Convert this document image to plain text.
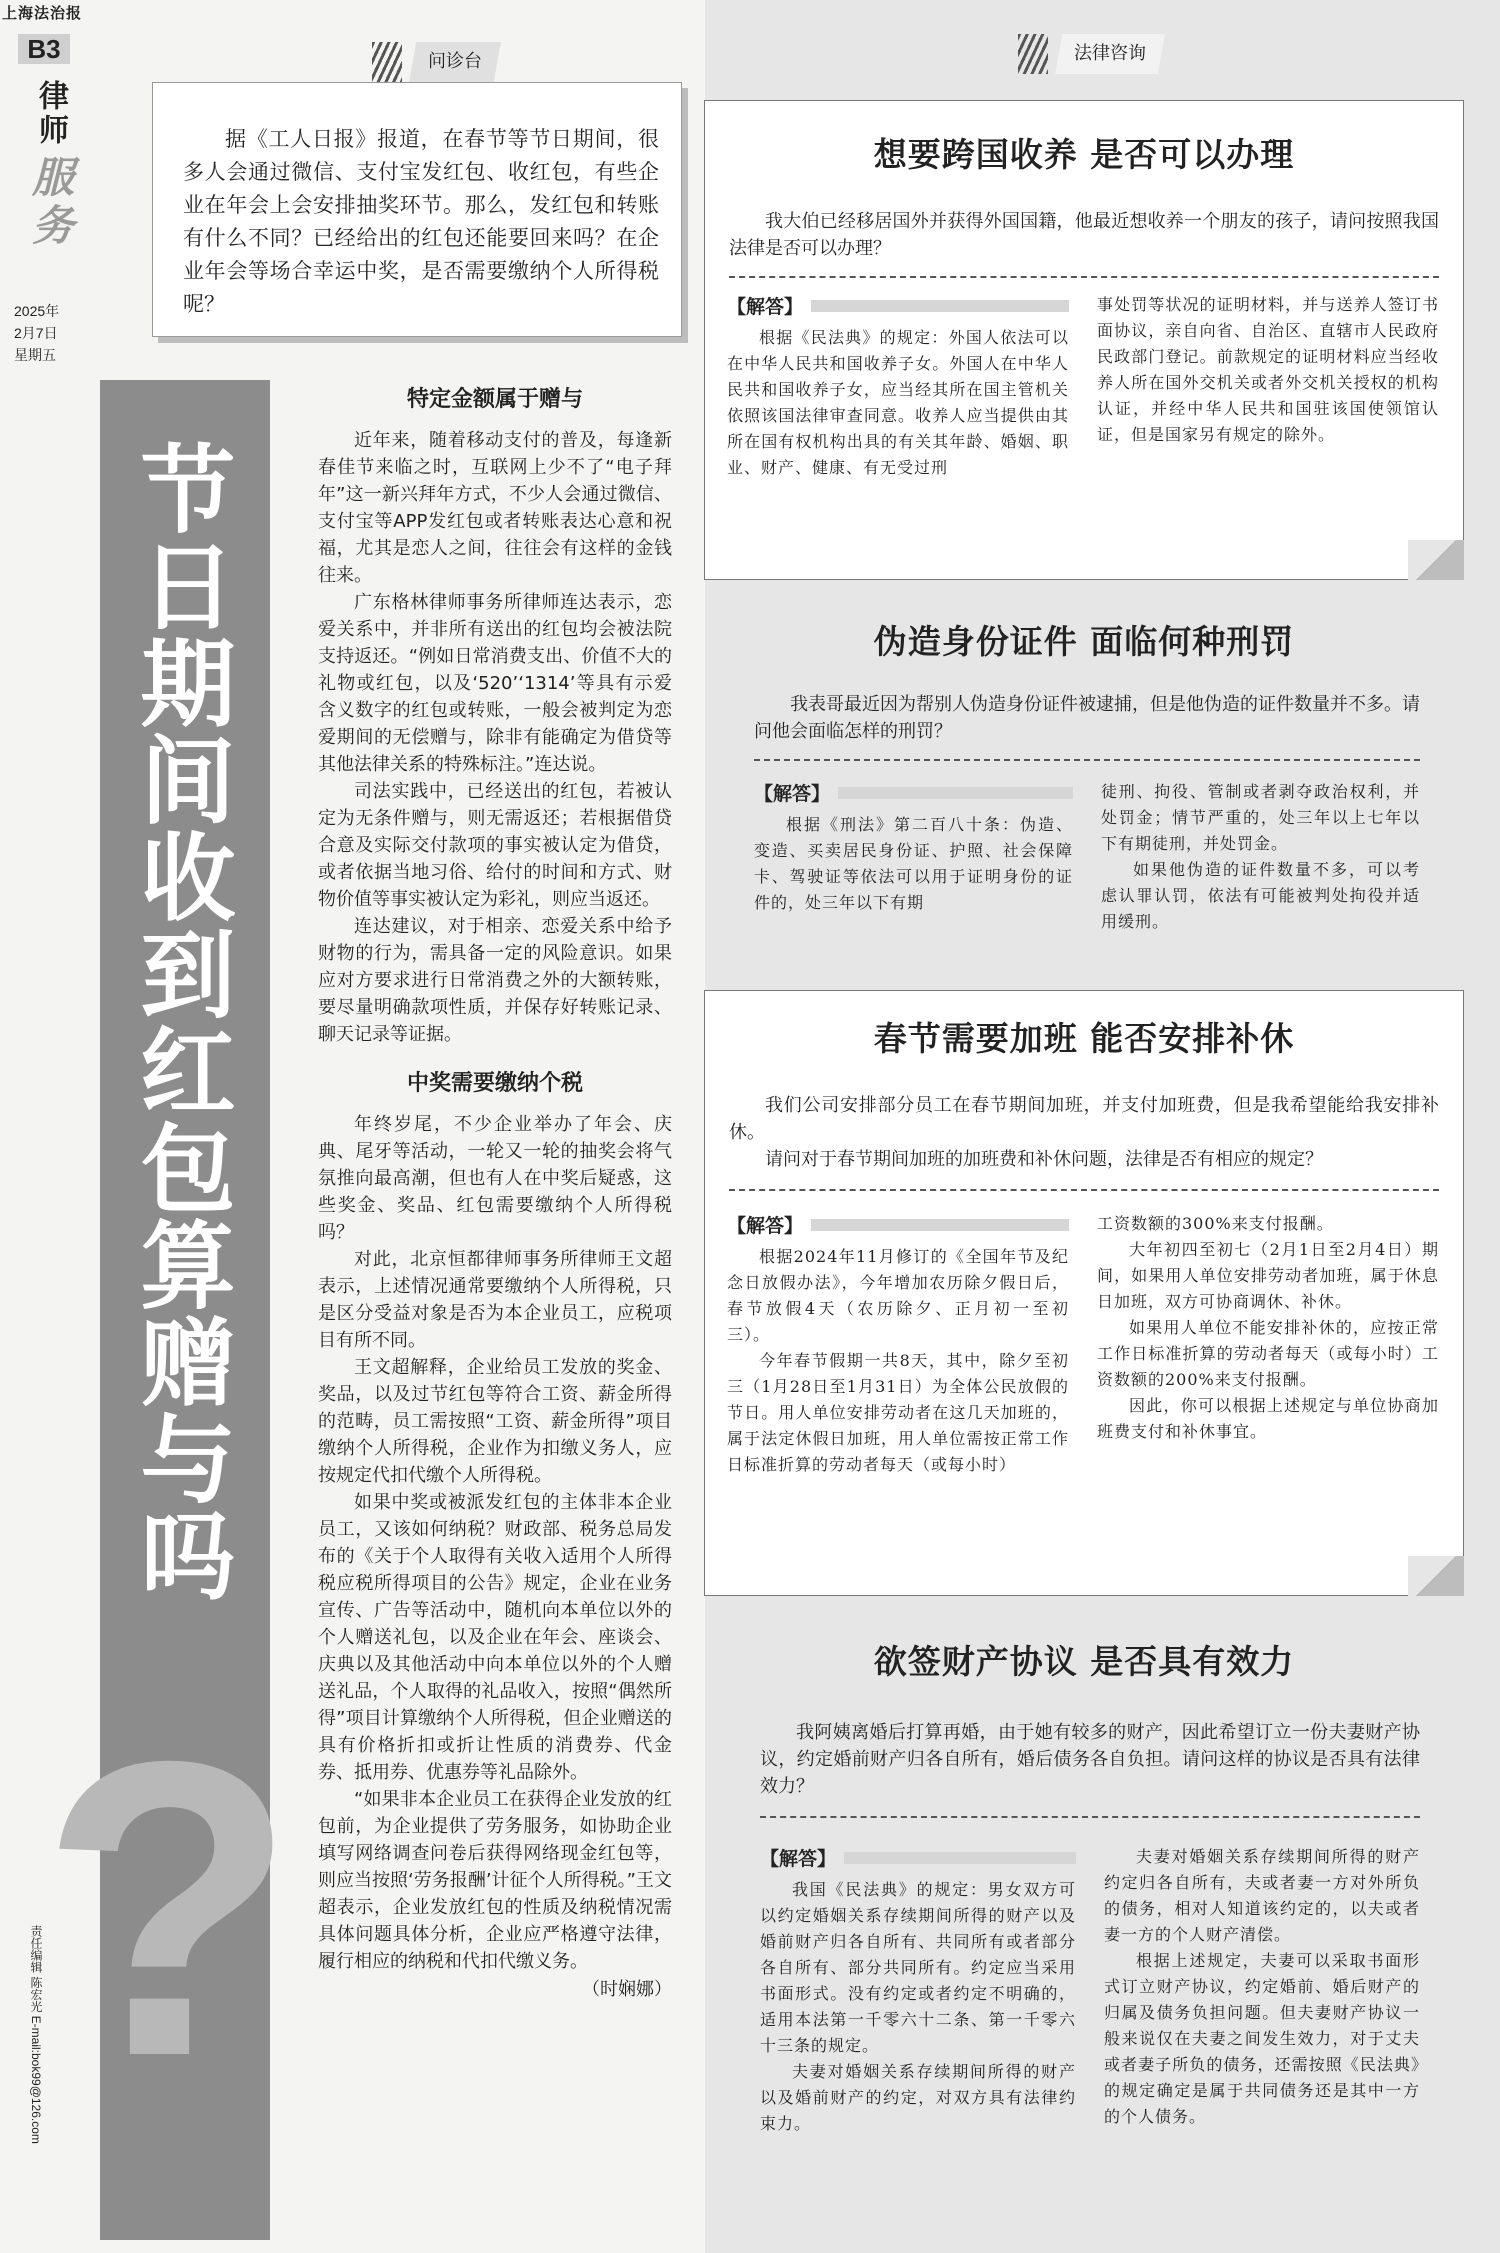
上海法治报
B3
律师
服务
2025年
2月7日
星期五
责任编辑 陈宏光 E-mail:bok99@126.com
?
节日期间收到红包算赠与吗
问诊台
据《工人日报》报道，在春节等节日期间，很多人会通过微信、支付宝发红包、收红包，有些企业在年会上会安排抽奖环节。那么，发红包和转账有什么不同？已经给出的红包还能要回来吗？在企业年会等场合幸运中奖，是否需要缴纳个人所得税呢？
特定金额属于赠与

近年来，随着移动支付的普及，每逢新春佳节来临之时，互联网上少不了“电子拜年”这一新兴拜年方式，不少人会通过微信、支付宝等APP发红包或者转账表达心意和祝福，尤其是恋人之间，往往会有这样的金钱往来。

广东格林律师事务所律师连达表示，恋爱关系中，并非所有送出的红包均会被法院支持返还。“例如日常消费支出、价值不大的礼物或红包，以及‘520’‘1314’等具有示爱含义数字的红包或转账，一般会被判定为恋爱期间的无偿赠与，除非有能确定为借贷等其他法律关系的特殊标注。”连达说。

司法实践中，已经送出的红包，若被认定为无条件赠与，则无需返还；若根据借贷合意及实际交付款项的事实被认定为借贷，或者依据当地习俗、给付的时间和方式、财物价值等事实被认定为彩礼，则应当返还。

连达建议，对于相亲、恋爱关系中给予财物的行为，需具备一定的风险意识。如果应对方要求进行日常消费之外的大额转账，要尽量明确款项性质，并保存好转账记录、聊天记录等证据。

中奖需要缴纳个税

年终岁尾，不少企业举办了年会、庆典、尾牙等活动，一轮又一轮的抽奖会将气氛推向最高潮，但也有人在中奖后疑惑，这些奖金、奖品、红包需要缴纳个人所得税吗？

对此，北京恒都律师事务所律师王文超表示，上述情况通常要缴纳个人所得税，只是区分受益对象是否为本企业员工，应税项目有所不同。

王文超解释，企业给员工发放的奖金、奖品，以及过节红包等符合工资、薪金所得的范畴，员工需按照“工资、薪金所得”项目缴纳个人所得税，企业作为扣缴义务人，应按规定代扣代缴个人所得税。

如果中奖或被派发红包的主体非本企业员工，又该如何纳税？财政部、税务总局发布的《关于个人取得有关收入适用个人所得税应税所得项目的公告》规定，企业在业务宣传、广告等活动中，随机向本单位以外的个人赠送礼包，以及企业在年会、座谈会、庆典以及其他活动中向本单位以外的个人赠送礼品，个人取得的礼品收入，按照“偶然所得”项目计算缴纳个人所得税，但企业赠送的具有价格折扣或折让性质的消费券、代金券、抵用券、优惠券等礼品除外。

“如果非本企业员工在获得企业发放的红包前，为企业提供了劳务服务，如协助企业填写网络调查问卷后获得网络现金红包等，则应当按照‘劳务报酬’计征个人所得税。”王文超表示，企业发放红包的性质及纳税情况需具体问题具体分析，企业应严格遵守法律，履行相应的纳税和代扣代缴义务。

（时娴娜）
法律咨询
想要跨国收养 是否可以办理
我大伯已经移居国外并获得外国国籍，他最近想收养一个朋友的孩子，请问按照我国法律是否可以办理？
【解答】

根据《民法典》的规定：外国人依法可以在中华人民共和国收养子女。外国人在中华人民共和国收养子女，应当经其所在国主管机关依照该国法律审查同意。收养人应当提供由其所在国有权机构出具的有关其年龄、婚姻、职业、财产、健康、有无受过刑

事处罚等状况的证明材料，并与送养人签订书面协议，亲自向省、自治区、直辖市人民政府民政部门登记。前款规定的证明材料应当经收养人所在国外交机关或者外交机关授权的机构认证，并经中华人民共和国驻该国使领馆认证，但是国家另有规定的除外。

伪造身份证件 面临何种刑罚
我表哥最近因为帮别人伪造身份证件被逮捕，但是他伪造的证件数量并不多。请问他会面临怎样的刑罚？
【解答】

根据《刑法》第二百八十条：伪造、变造、买卖居民身份证、护照、社会保障卡、驾驶证等依法可以用于证明身份的证件的，处三年以下有期

徒刑、拘役、管制或者剥夺政治权利，并处罚金；情节严重的，处三年以上七年以下有期徒刑，并处罚金。

如果他伪造的证件数量不多，可以考虑认罪认罚，依法有可能被判处拘役并适用缓刑。

春节需要加班 能否安排补休
我们公司安排部分员工在春节期间加班，并支付加班费，但是我希望能给我安排补休。
请问对于春节期间加班的加班费和补休问题，法律是否有相应的规定？
【解答】

根据2024年11月修订的《全国年节及纪念日放假办法》，今年增加农历除夕假日后，春节放假4天（农历除夕、正月初一至初三）。

今年春节假期一共8天，其中，除夕至初三（1月28日至1月31日）为全体公民放假的节日。用人单位安排劳动者在这几天加班的，属于法定休假日加班，用人单位需按正常工作日标准折算的劳动者每天（或每小时）

工资数额的300%来支付报酬。

大年初四至初七（2月1日至2月4日）期间，如果用人单位安排劳动者加班，属于休息日加班，双方可协商调休、补休。

如果用人单位不能安排补休的，应按正常工作日标准折算的劳动者每天（或每小时）工资数额的200%来支付报酬。

因此，你可以根据上述规定与单位协商加班费支付和补休事宜。

欲签财产协议 是否具有效力
我阿姨离婚后打算再婚，由于她有较多的财产，因此希望订立一份夫妻财产协议，约定婚前财产归各自所有，婚后债务各自负担。请问这样的协议是否具有法律效力？
【解答】

我国《民法典》的规定：男女双方可以约定婚姻关系存续期间所得的财产以及婚前财产归各自所有、共同所有或者部分各自所有、部分共同所有。约定应当采用书面形式。没有约定或者约定不明确的，适用本法第一千零六十二条、第一千零六十三条的规定。

夫妻对婚姻关系存续期间所得的财产以及婚前财产的约定，对双方具有法律约束力。

夫妻对婚姻关系存续期间所得的财产约定归各自所有，夫或者妻一方对外所负的债务，相对人知道该约定的，以夫或者妻一方的个人财产清偿。

根据上述规定，夫妻可以采取书面形式订立财产协议，约定婚前、婚后财产的归属及债务负担问题。但夫妻财产协议一般来说仅在夫妻之间发生效力，对于丈夫或者妻子所负的债务，还需按照《民法典》的规定确定是属于共同债务还是其中一方的个人债务。
